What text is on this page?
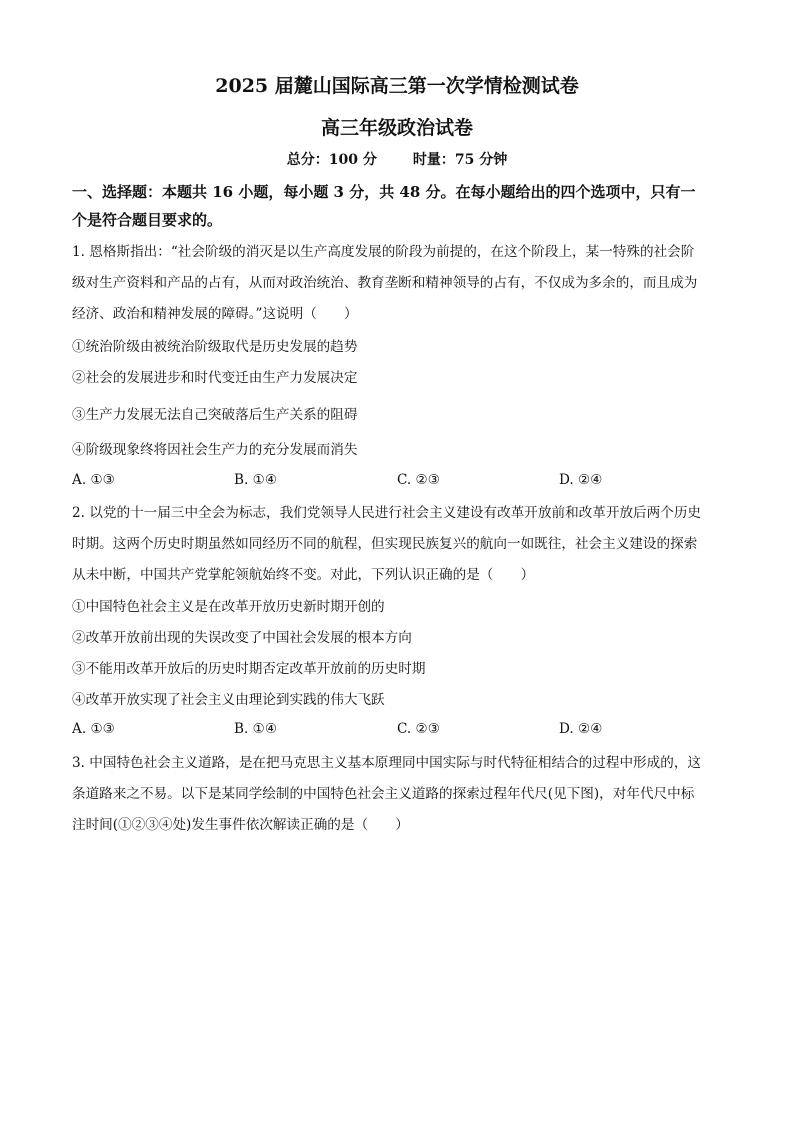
2025 届麓山国际高三第一次学情检测试卷
高三年级政治试卷
总分：100 分	时量：75 分钟
一、选择题：本题共 16 小题，每小题 3 分，共 48 分。在每小题给出的四个选项中，只有一
个是符合题目要求的。
1. 恩格斯指出：“社会阶级的消灭是以生产高度发展的阶段为前提的，在这个阶段上，某一特殊的社会阶
级对生产资料和产品的占有，从而对政治统治、教育垄断和精神领导的占有，不仅成为多余的，而且成为
经济、政治和精神发展的障碍。”这说明（　　）
①统治阶级由被统治阶级取代是历史发展的趋势
②社会的发展进步和时代变迁由生产力发展决定
③生产力发展无法自己突破落后生产关系的阻碍
④阶级现象终将因社会生产力的充分发展而消失
A. ①③	B. ①④	C. ②③	D. ②④
2. 以党的十一届三中全会为标志，我们党领导人民进行社会主义建设有改革开放前和改革开放后两个历史
时期。这两个历史时期虽然如同经历不同的航程，但实现民族复兴的航向一如既往，社会主义建设的探索
从未中断，中国共产党掌舵领航始终不变。对此，下列认识正确的是（　　）
①中国特色社会主义是在改革开放历史新时期开创的
②改革开放前出现的失误改变了中国社会发展的根本方向
③不能用改革开放后的历史时期否定改革开放前的历史时期
④改革开放实现了社会主义由理论到实践的伟大飞跃
A. ①③	B. ①④	C. ②③	D. ②④
3. 中国特色社会主义道路，是在把马克思主义基本原理同中国实际与时代特征相结合的过程中形成的，这
条道路来之不易。以下是某同学绘制的中国特色社会主义道路的探索过程年代尺(见下图)，对年代尺中标
注时间(①②③④处)发生事件依次解读正确的是（　　）
